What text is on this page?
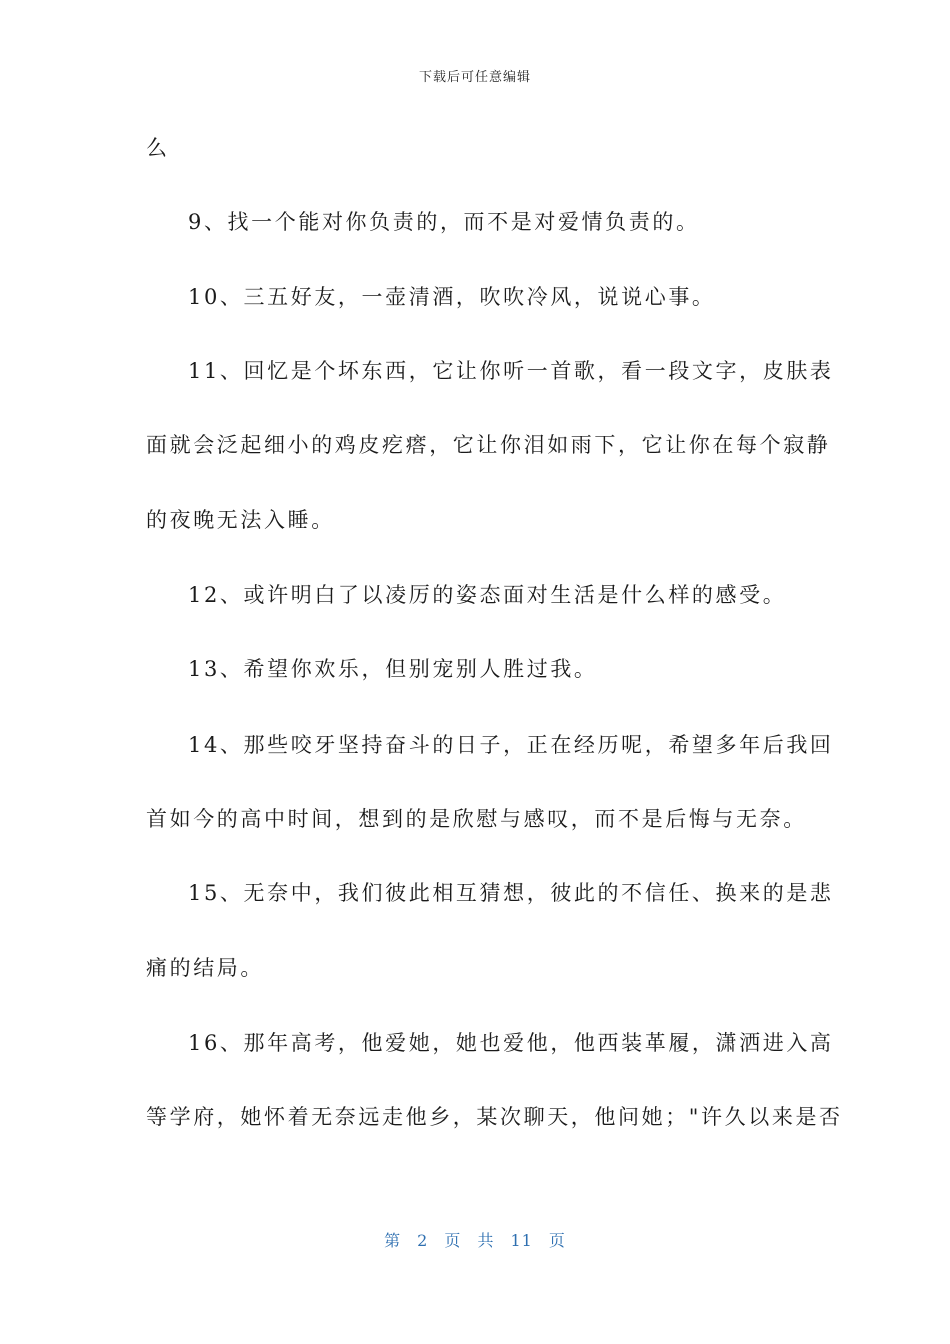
下载后可任意编辑
么
9、找一个能对你负责的，而不是对爱情负责的。
10、三五好友，一壶清酒，吹吹冷风，说说心事。
11、回忆是个坏东西，它让你听一首歌，看一段文字，皮肤表
面就会泛起细小的鸡皮疙瘩，它让你泪如雨下，它让你在每个寂静
的夜晚无法入睡。
12、或许明白了以凌厉的姿态面对生活是什么样的感受。
13、希望你欢乐，但别宠别人胜过我。
14、那些咬牙坚持奋斗的日子，正在经历呢，希望多年后我回
首如今的高中时间，想到的是欣慰与感叹，而不是后悔与无奈。
15、无奈中，我们彼此相互猜想，彼此的不信任、换来的是悲
痛的结局。
16、那年高考，他爱她，她也爱他，他西装革履，潇洒进入高
等学府，她怀着无奈远走他乡，某次聊天，他问她；"许久以来是否
第 2 页 共 11 页
